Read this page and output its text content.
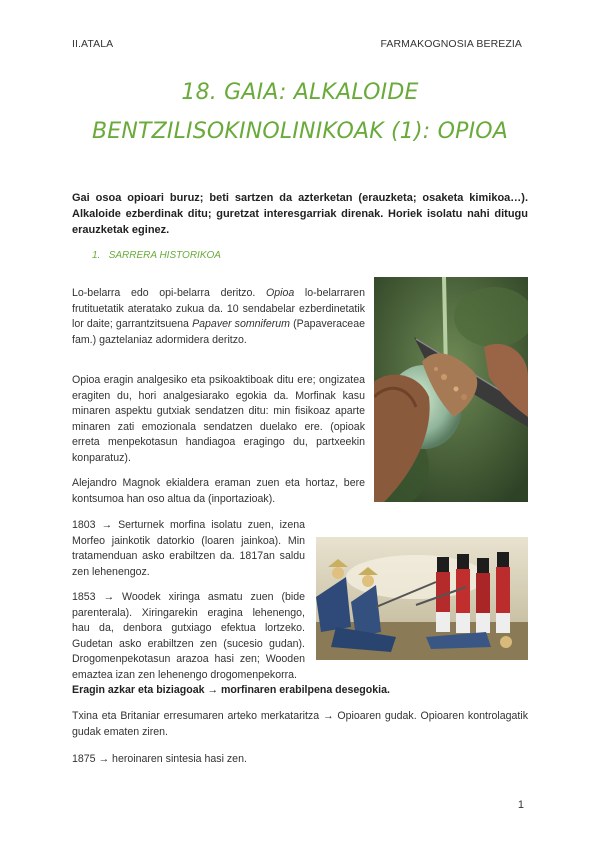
II.ATALA	FARMAKOGNOSIA BEREZIA
18. GAIA: ALKALOIDE
BENTZILISOKINOLINIKOAK (1): OPIOA
Gai osoa opioari buruz; beti sartzen da azterketan (erauzketa; osaketa kimikoa…). Alkaloide ezberdinak ditu; guretzat interesgarriak direnak. Horiek isolatu nahi ditugu erauzketak eginez.
1. SARRERA HISTORIKOA
Lo-belarra edo opi-belarra deritzo. Opioa lo-belarraren frutituetatik ateratako zukua da. 10 sendabelar ezberdinetatik lor daite; garrantzitsuena Papaver somniferum (Papaveraceae fam.) gaztelaniaz adormidera deritzo.
Opioa eragin analgesiko eta psikoaktiboak ditu ere; ongizatea eragiten du, hori analgesiarako egokia da. Morfinak kasu minaren aspektu gutxiak sendatzen ditu: min fisikoaz aparte minaren zati emozionala sendatzen duelako ere. (opioak erreta menpekotasun handiagoa eragingo du, partxeekin konparatuz).
Alejandro Magnok ekialdera eraman zuen eta hortaz, bere kontsumoa han oso altua da (inportazioak).
1803 → Serturnek morfina isolatu zuen, izena Morfeo jainkotik datorkio (loaren jainkoa). Min tratamenduan asko erabiltzen da. 1817an saldu zen lehenengoz.
1853 → Woodek xiringa asmatu zuen (bide parenterala). Xiringarekin eragina lehenengo, hau da, denbora gutxiago efektua lortzeko. Gudetan asko erabiltzen zen (sucesio gudan). Drogomenpekotasun arazoa hasi zen; Wooden emaztea izan zen lehenengo drogomenpekorra.
Eragin azkar eta biziagoak → morfinaren erabilpena desegokia.
Txina eta Britaniar erresumaren arteko merkataritza → Opioaren gudak. Opioaren kontrolagatik gudak ematen ziren.
1875 → heroinaren sintesia hasi zen.
1
